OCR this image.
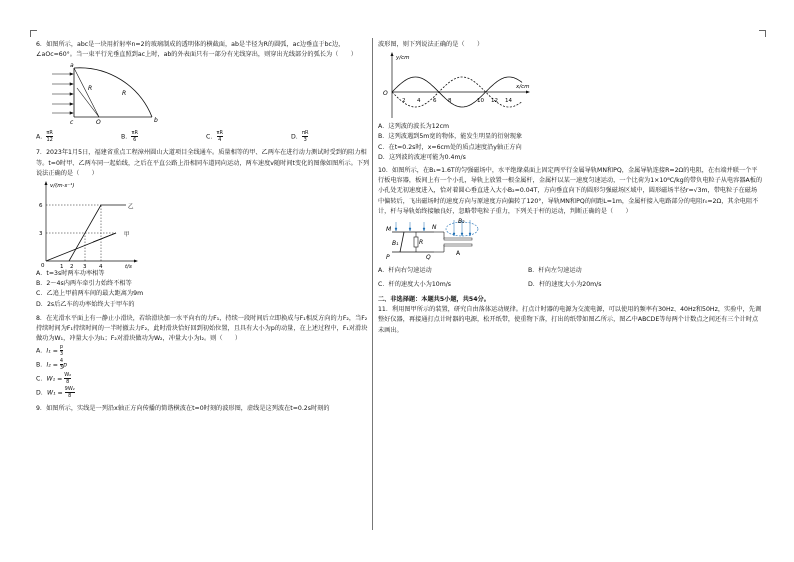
6．如图所示，abc是一块用折射率n=2的玻璃制成的透明体的横截面，ab是半径为R的圆弧，ac边垂直于bc边，∠aOc=60°。当一束平行光垂直照到ac上时，ab的外表面只有一部分有光线穿出，则穿出光线部分的弧长为（　　）

a
c	O	b
R
R
A． $\frac{\pi R}{12}$	B． $\frac{\pi R}{6}$	C． $\frac{\pi R}{4}$	D． $\frac{\pi R}{3}$

7．2023年1月5日，福建省重点工程漳州圆山大道项目全线通车。质量相等的甲、乙两车在进行动力测试时受到的阻力相等。t=0时甲、乙两车同一起始线，之后在平直公路上沿相同车道同向运动，两车速度v随时间t变化的图像如图所示。下列说法正确的是（　　）

v/(m·s⁻¹)
t/s
0
3
6
1 2 3 4
甲
乙

A．t=3s时两车功率相等

B．2～4s内两车牵引力始终不相等

C．乙追上甲前两车间的最大距离为9m

D．2s后乙车的功率始终大于甲车的

8．在光滑水平面上有一静止小滑块，若给滑块加一水平向右的力F₁，持续一段时间后立即换成与F₁相反方向的力F₂，当F₂持续时间为F₁持续时间的一半时撤去力F₂，此时滑块恰好回到初始位置，且具有大小为p的动量，在上述过程中，F₁对滑块做功为W₁，冲量大小为I₁；F₂对滑块做功为W₂，冲量大小为I₂。则（　　）

A．$I_1 = \frac{p}{3}$
B．$I_2 = \frac{4}{3}$ p
C．$W_1 = \frac{\text{W₂}}{8}$
D．$W_1 = \frac{\text{9W₂}}{8}$

9．如图所示，实线是一列沿x轴正方向传播的简谐横波在t=0时刻的波形图，虚线是这列波在t=0.2s时刻的

波形图，则下列说法正确的是（　　）

y/cm
x/cm
O
2 4 6 8	10 12 14

A．这列波的波长为12cm

B．这列波遇到5m宽的物体，能发生明显的衍射现象

C．在t=0.2s时，x=6cm处的质点速度沿y轴正方向

D．这列波的波速可能为0.4m/s

10．如图所示，在B₁=1.6T的匀强磁场中，水平绝缘桌面上固定两平行金属导轨MN和PQ，金属导轨连接R=2Ω的电阻，在右端并联一个平行板电容器，板间上有一个小孔，导轨上放置一根金属杆，金属杆以某一速度匀速运动，一个比荷为1×10⁸C/kg的带负电粒子从电容器A板的小孔处无初速度进入，恰对着圆心垂直进入大小B₂=0.04T，方向垂直向下的圆形匀强磁场区域中，圆形磁场半径r=√3m，带电粒子在磁场中偏转后，飞出磁场时的速度方向与原速度方向偏转了120°，导轨MN和PQ的间距L=1m，金属杆接入电路部分的电阻r₀=2Ω，其余电阻不计，杆与导轨始终接触良好，忽略带电粒子重力，下列关于杆的运动，判断正确的是（　　）

M	N
P	Q
R
B₁
B₂
A
A．杆向右匀速运动	B．杆向左匀速运动
C．杆的速度大小为10m/s	D．杆的速度大小为20m/s

二、非选择题：本题共5小题，共54分。

11．利用图甲所示的装置，研究自由落体运动规律。打点计时器的电源为交流电源，可以使用的频率有30Hz、40Hz和50Hz，实验中，先调整好仪器，再接通打点计时器的电源，松开纸带，使重物下落，打出的纸带如图乙所示，图乙中ABCDE等每两个计数点之间还有三个计时点未画出。
